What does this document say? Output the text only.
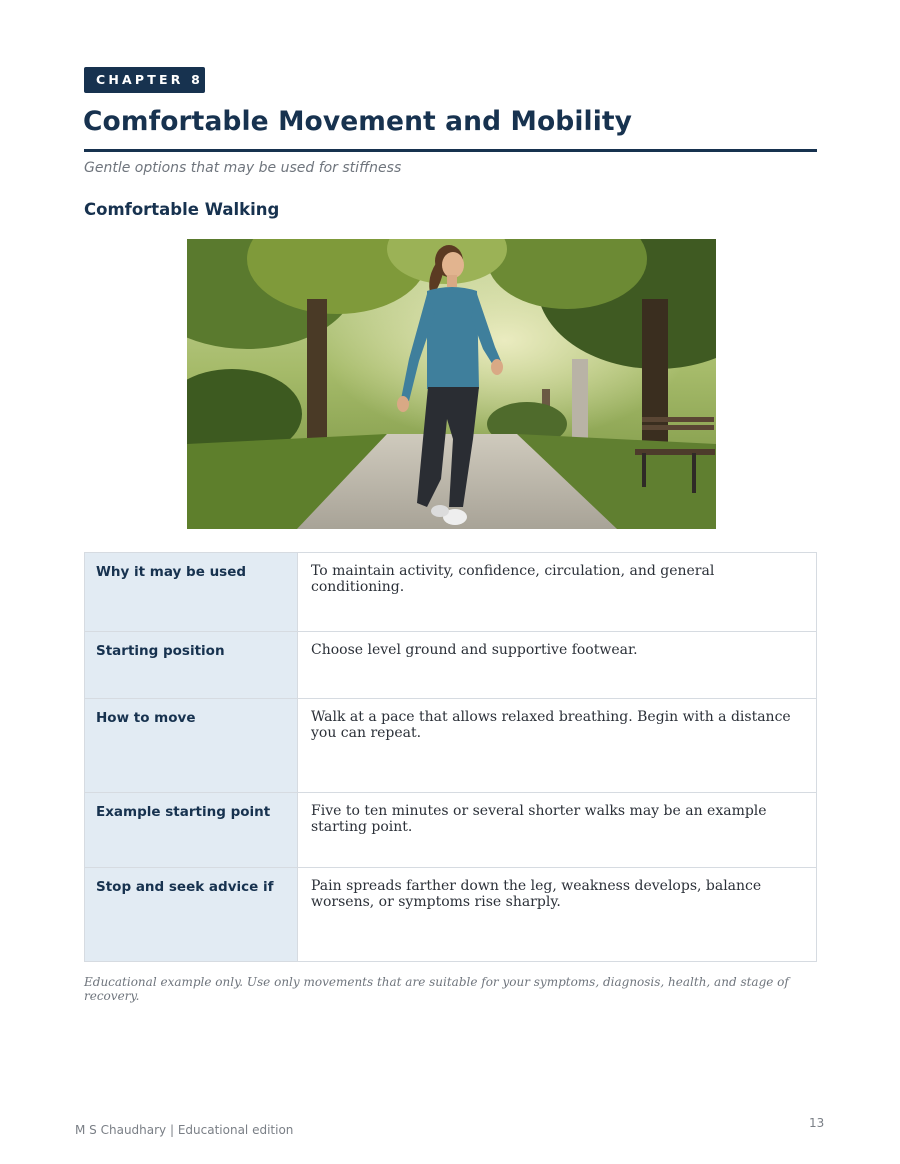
CHAPTER 8
Comfortable Movement and Mobility
Gentle options that may be used for stiffness
Comfortable Walking
Why it may be used	To maintain activity, confidence, circulation, and general conditioning.
Starting position	Choose level ground and supportive footwear.
How to move	Walk at a pace that allows relaxed breathing. Begin with a distance you can repeat.
Example starting point	Five to ten minutes or several shorter walks may be an example starting point.
Stop and seek advice if	Pain spreads farther down the leg, weakness develops, balance worsens, or symptoms rise sharply.
Educational example only. Use only movements that are suitable for your symptoms, diagnosis, health, and stage of recovery.
M S Chaudhary | Educational edition	13
